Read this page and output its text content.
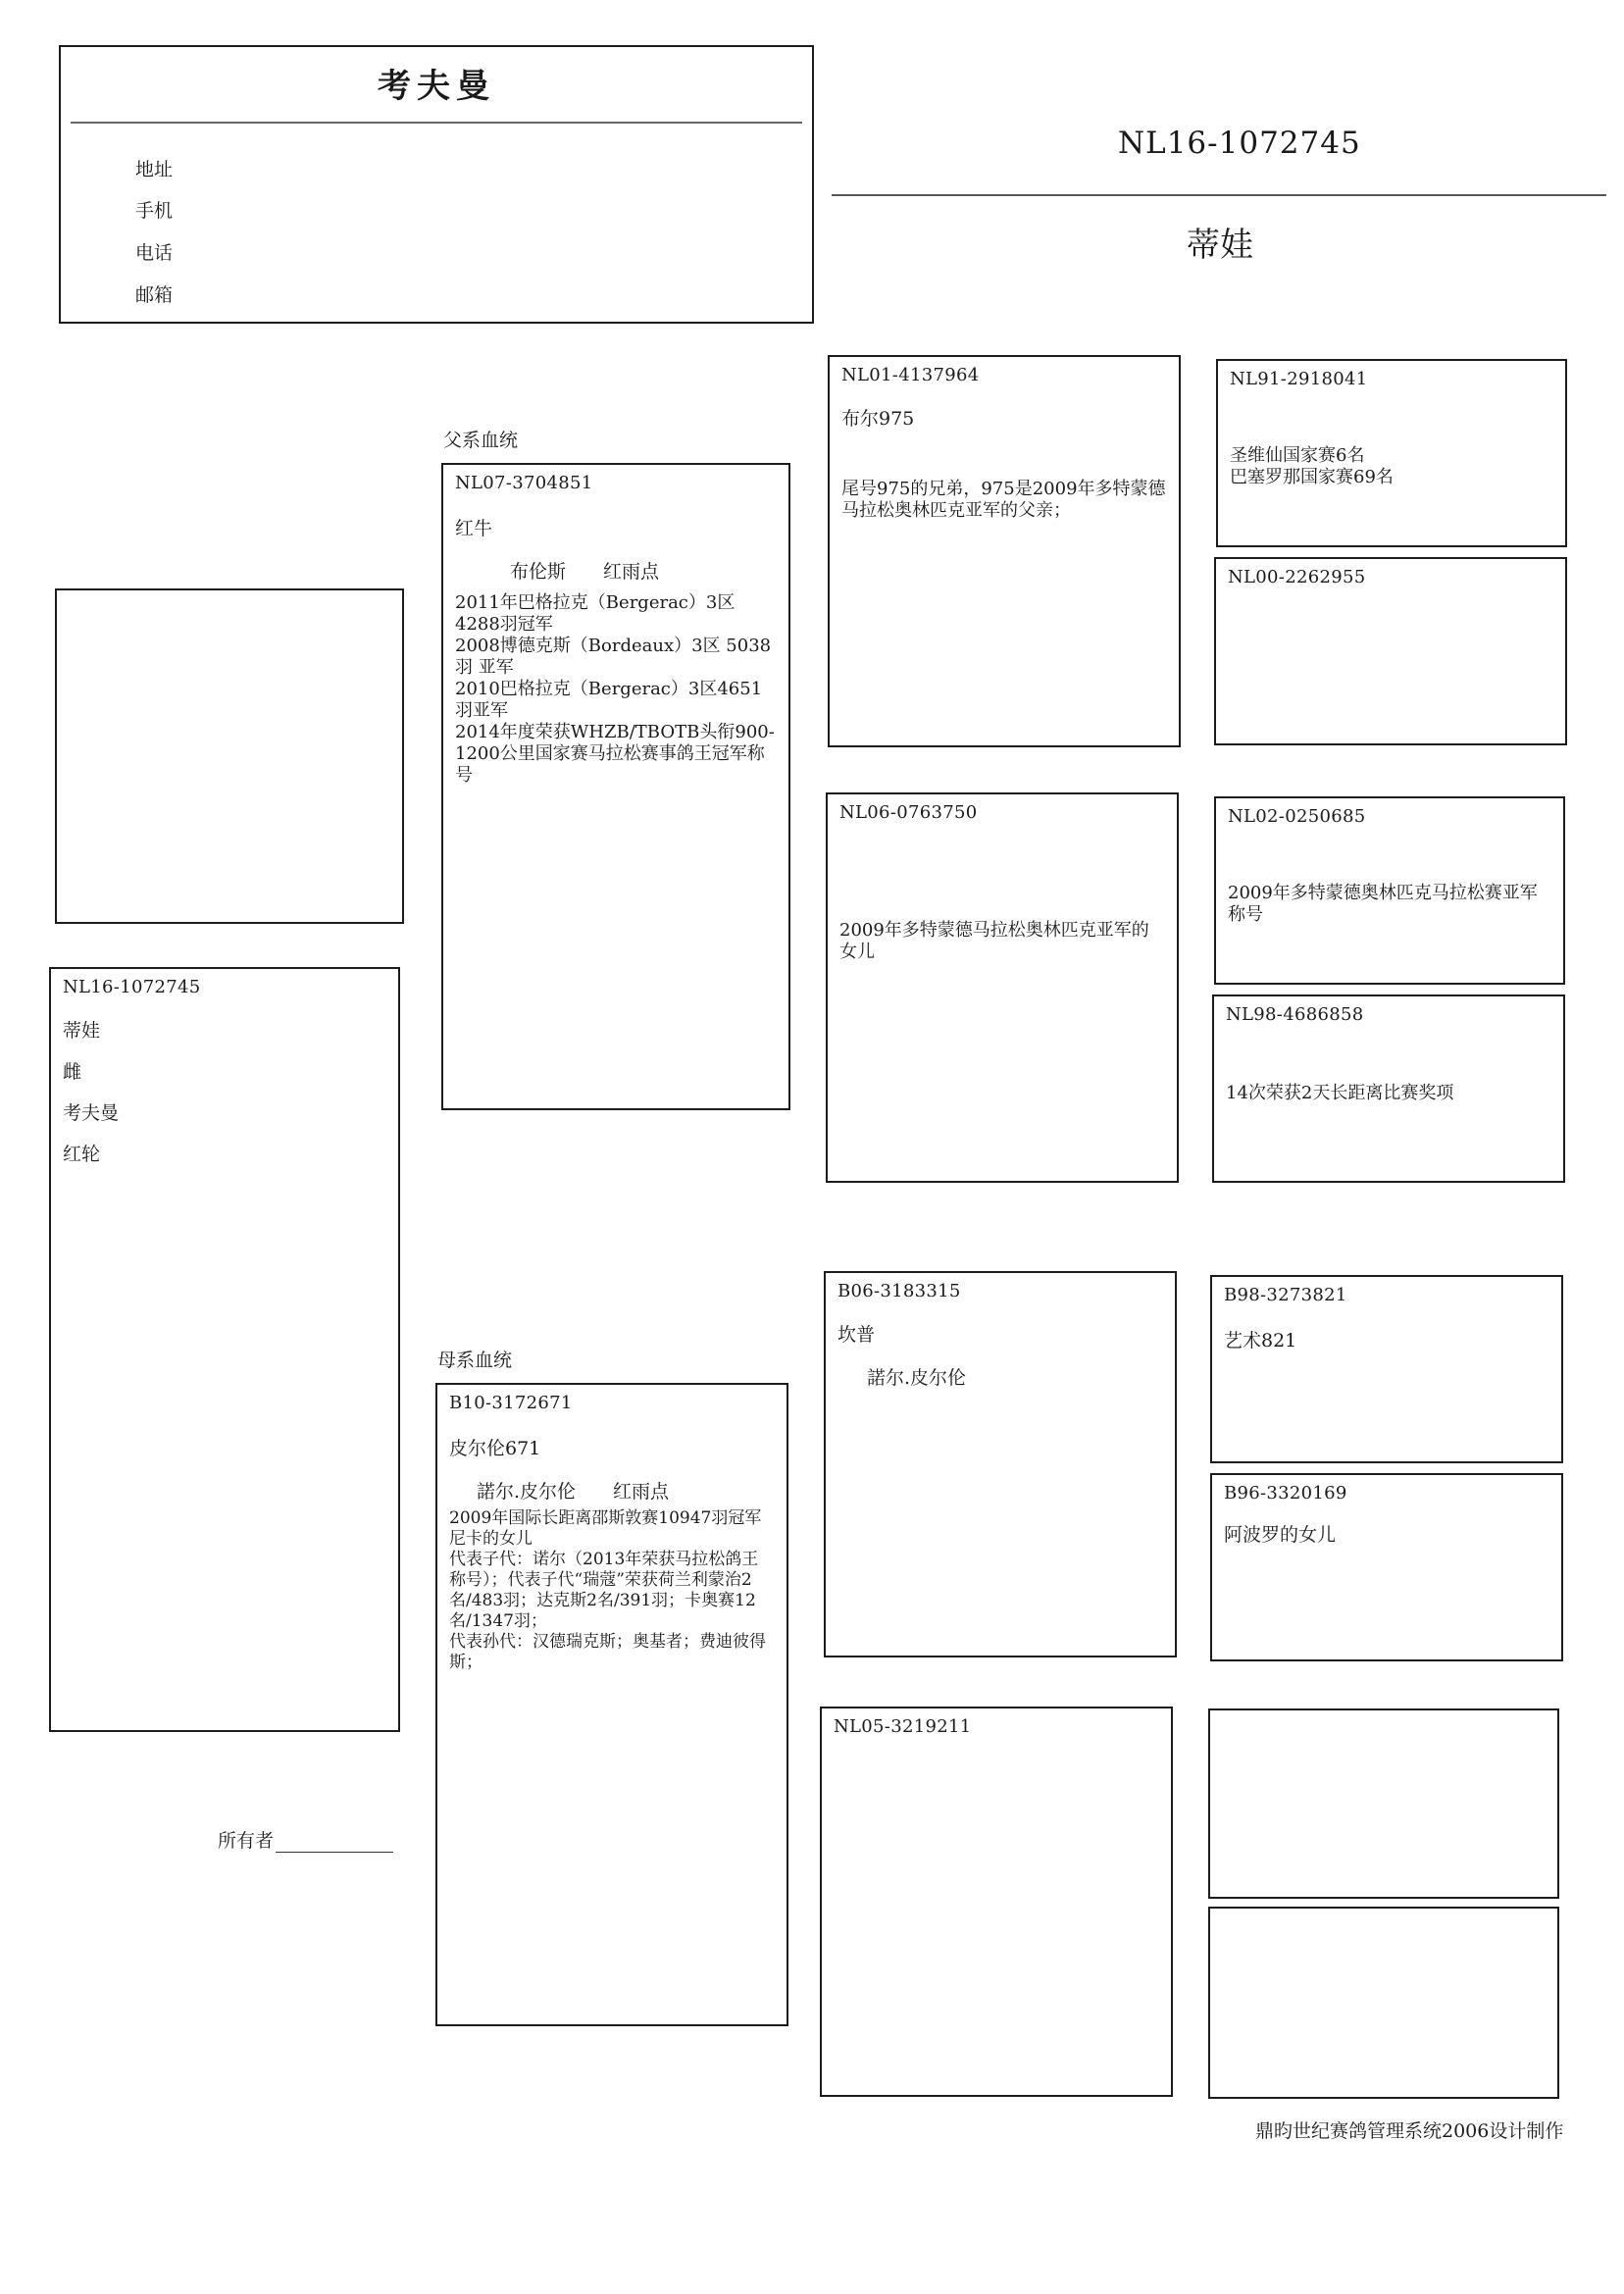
考夫曼
地址
手机
电话
邮箱
NL16-1072745
蒂娃
NL16-1072745
蒂娃
雌
考夫曼
红轮
所有者
父系血统
NL07-3704851
红牛
布伦斯　　红雨点
2011年巴格拉克（Bergerac）3区4288羽冠军
2008博德克斯（Bordeaux）3区 5038羽 亚军
2010巴格拉克（Bergerac）3区4651羽亚军
2014年度荣获WHZB/TBOTB头衔900-1200公里国家赛马拉松赛事鸽王冠军称号
母系血统
B10-3172671
皮尔伦671
諾尔.皮尔伦　　红雨点
2009年国际长距离邵斯敦赛10947羽冠军尼卡的女儿
代表子代：诺尔（2013年荣获马拉松鸽王称号）；代表子代“瑞蔻”荣获荷兰利蒙治2名/483羽；达克斯2名/391羽；卡奥赛12名/1347羽；
代表孙代：汉德瑞克斯；奥基者；费迪彼得斯；
NL01-4137964
布尔975
尾号975的兄弟，975是2009年多特蒙德马拉松奥林匹克亚军的父亲；
NL06-0763750
2009年多特蒙德马拉松奥林匹克亚军的女儿
B06-3183315
坎普
諾尔.皮尔伦
NL05-3219211
NL91-2918041
圣维仙国家赛6名
巴塞罗那国家赛69名
NL00-2262955
NL02-0250685
2009年多特蒙德奥林匹克马拉松赛亚军称号
NL98-4686858
14次荣获2天长距离比赛奖项
B98-3273821
艺术821
B96-3320169
阿波罗的女儿
鼎昀世纪赛鸽管理系统2006设计制作
